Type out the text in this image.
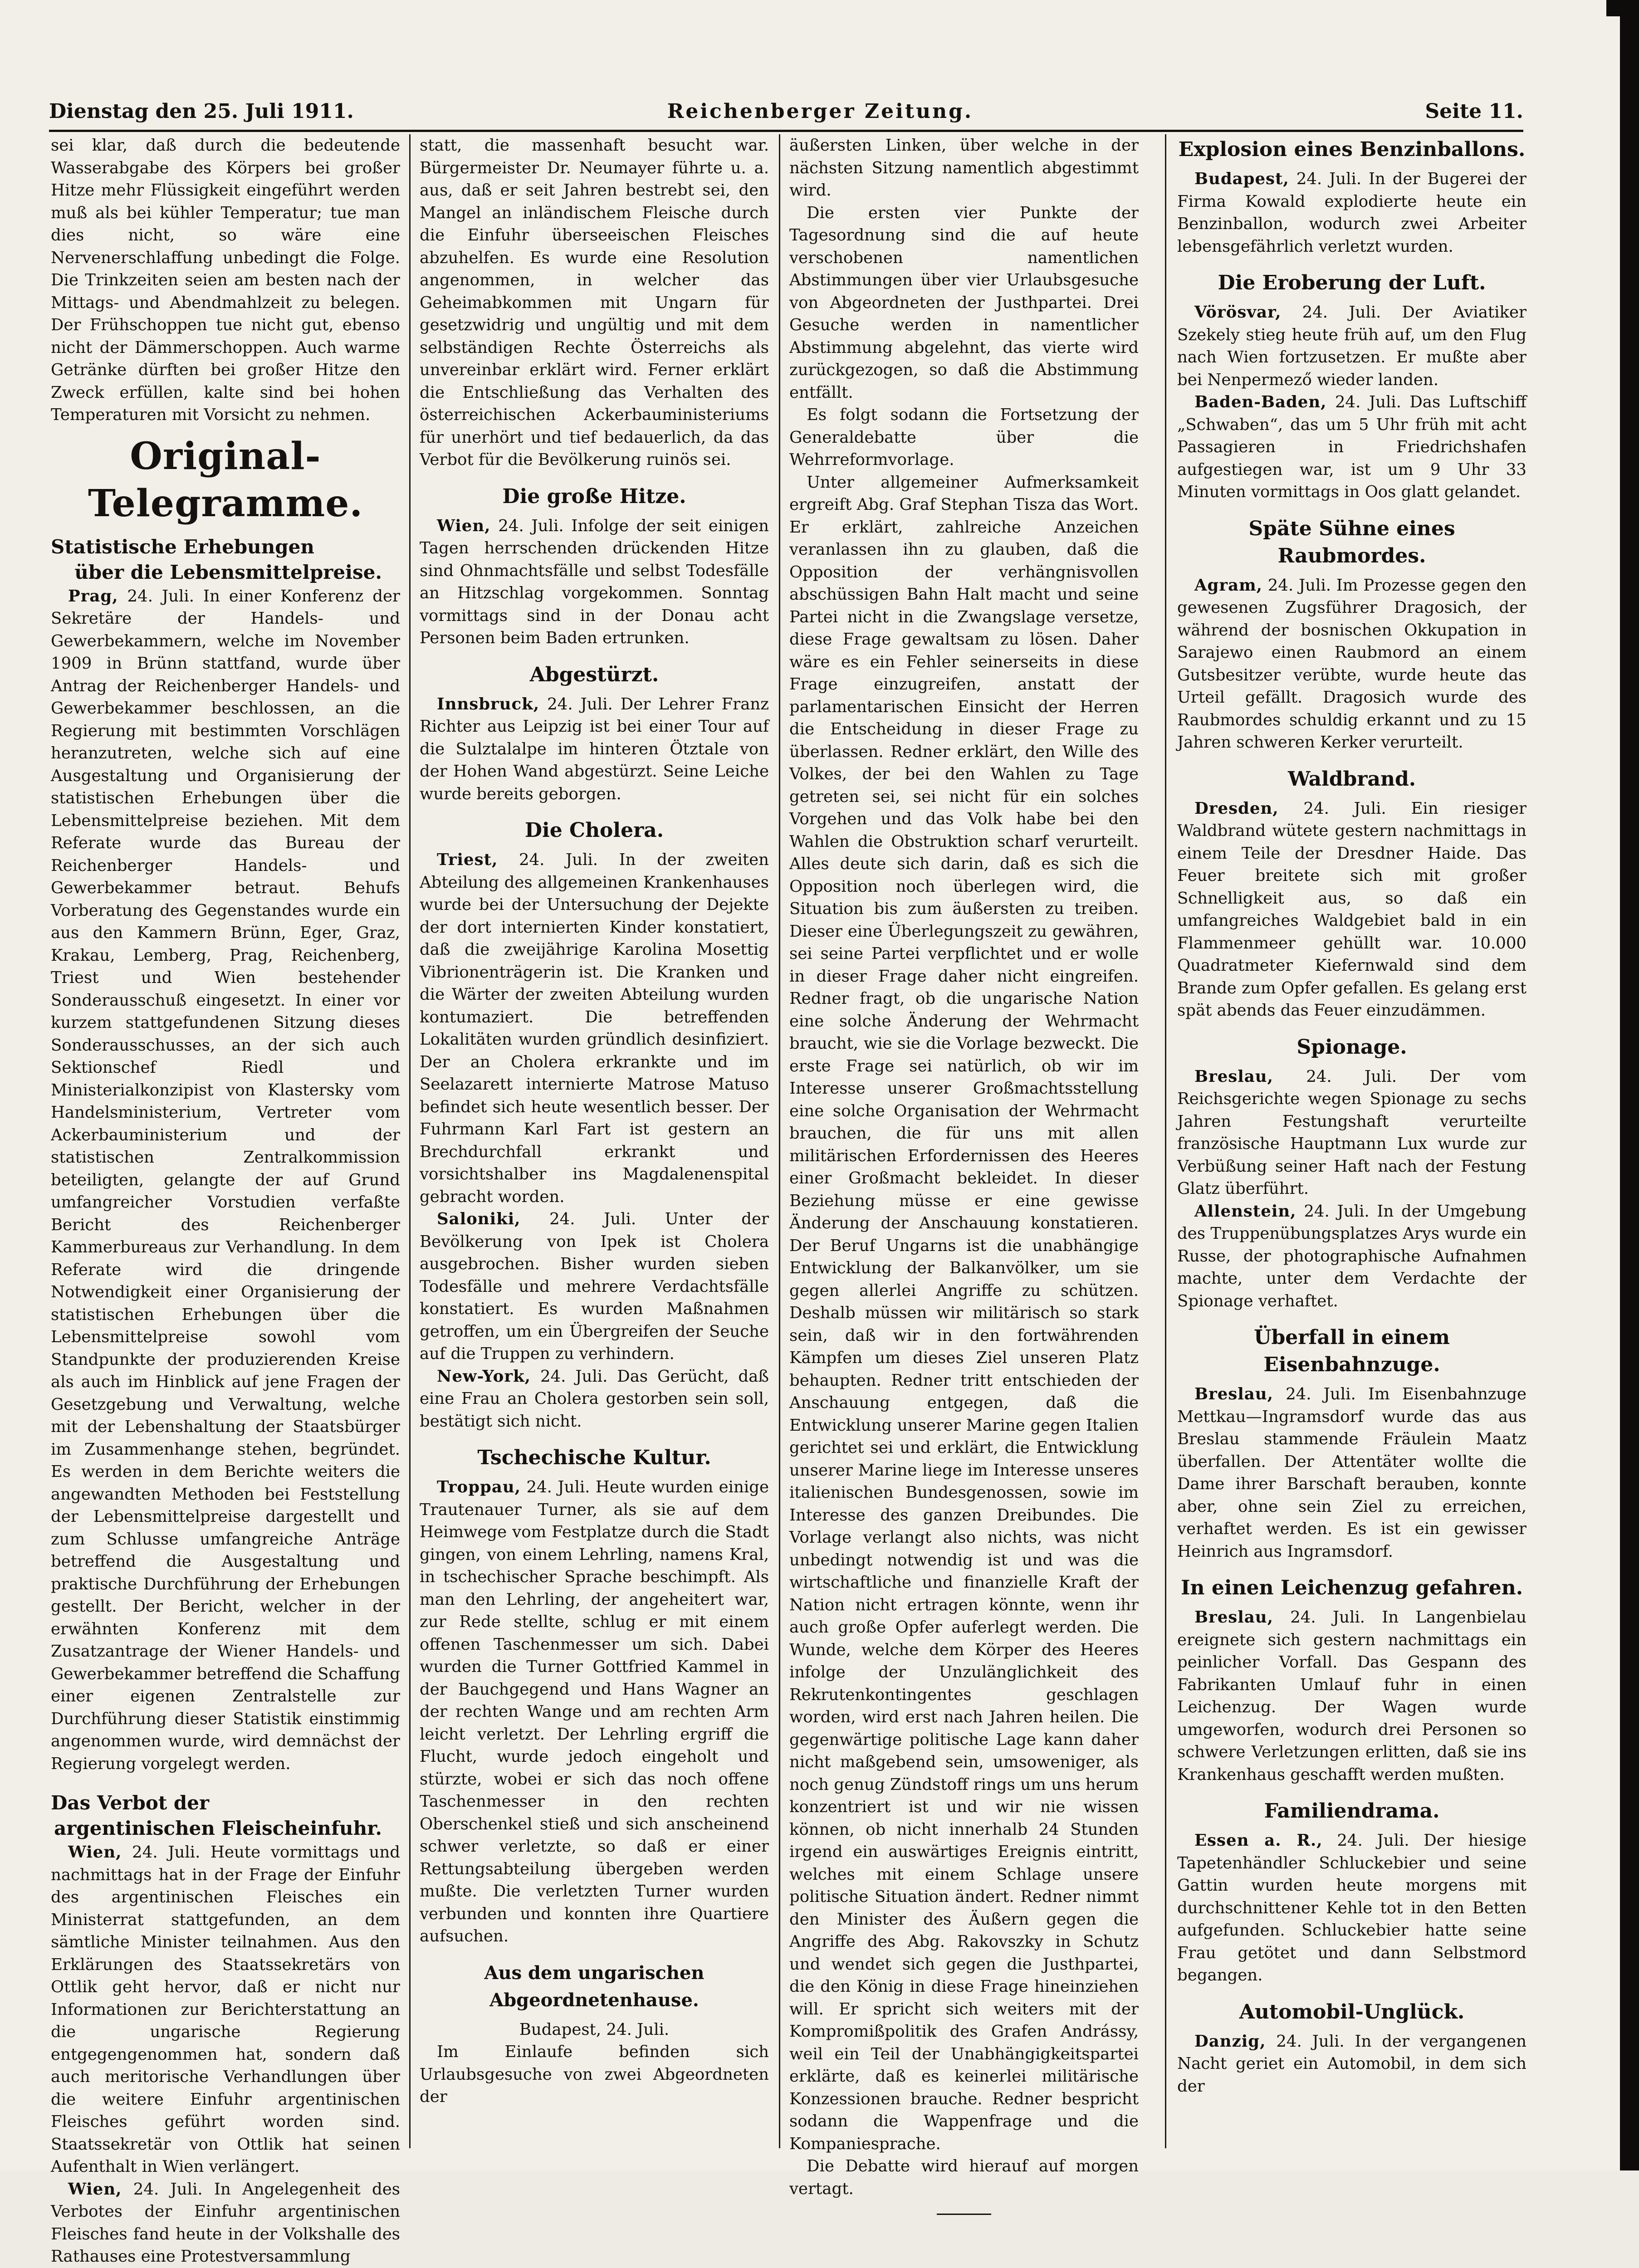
Dienstag den 25. Juli 1911.	Reichenberger Zeitung.	Seite 11.

sei klar, daß durch die bedeutende Wasserabgabe des Körpers bei großer Hitze mehr Flüssigkeit eingeführt werden muß als bei kühler Temperatur; tue man dies nicht, so wäre eine Nervenerschlaffung unbedingt die Folge. Die Trinkzeiten seien am besten nach der Mittags- und Abendmahlzeit zu belegen. Der Frühschoppen tue nicht gut, ebenso nicht der Dämmerschoppen. Auch warme Getränke dürften bei großer Hitze den Zweck erfüllen, kalte sind bei hohen Temperaturen mit Vorsicht zu nehmen.

Original-Telegramme.
Statistische Erhebungen
über die Lebensmittelpreise.

Prag, 24. Juli. In einer Konferenz der Sekretäre der Handels- und Gewerbekammern, welche im November 1909 in Brünn stattfand, wurde über Antrag der Reichenberger Handels- und Gewerbekammer beschlossen, an die Regierung mit bestimmten Vorschlägen heranzutreten, welche sich auf eine Ausgestaltung und Organisierung der statistischen Erhebungen über die Lebensmittelpreise beziehen. Mit dem Referate wurde das Bureau der Reichenberger Handels- und Gewerbekammer betraut. Behufs Vorberatung des Gegenstandes wurde ein aus den Kammern Brünn, Eger, Graz, Krakau, Lemberg, Prag, Reichenberg, Triest und Wien bestehender Sonderausschuß eingesetzt. In einer vor kurzem stattgefundenen Sitzung dieses Sonderausschusses, an der sich auch Sektionschef Riedl und Ministerialkonzipist von Klastersky vom Handelsministerium, Vertreter vom Ackerbauministerium und der statistischen Zentralkommission beteiligten, gelangte der auf Grund umfangreicher Vorstudien verfaßte Bericht des Reichenberger Kammerbureaus zur Verhandlung. In dem Referate wird die dringende Notwendigkeit einer Organisierung der statistischen Erhebungen über die Lebensmittelpreise sowohl vom Standpunkte der produzierenden Kreise als auch im Hinblick auf jene Fragen der Gesetzgebung und Verwaltung, welche mit der Lebenshaltung der Staatsbürger im Zusammenhange stehen, begründet. Es werden in dem Berichte weiters die angewandten Methoden bei Feststellung der Lebensmittelpreise dargestellt und zum Schlusse umfangreiche Anträge betreffend die Ausgestaltung und praktische Durchführung der Erhebungen gestellt. Der Bericht, welcher in der erwähnten Konferenz mit dem Zusatzantrage der Wiener Handels- und Gewerbekammer betreffend die Schaffung einer eigenen Zentralstelle zur Durchführung dieser Statistik einstimmig angenommen wurde, wird demnächst der Regierung vorgelegt werden.

Das Verbot der
argentinischen Fleischeinfuhr.

Wien, 24. Juli. Heute vormittags und nachmittags hat in der Frage der Einfuhr des argentinischen Fleisches ein Ministerrat stattgefunden, an dem sämtliche Minister teilnahmen. Aus den Erklärungen des Staatssekretärs von Ottlik geht hervor, daß er nicht nur Informationen zur Berichterstattung an die ungarische Regierung entgegengenommen hat, sondern daß auch meritorische Verhandlungen über die weitere Einfuhr argentinischen Fleisches geführt worden sind. Staatssekretär von Ottlik hat seinen Aufenthalt in Wien verlängert.

Wien, 24. Juli. In Angelegenheit des Verbotes der Einfuhr argentinischen Fleisches fand heute in der Volkshalle des Rathauses eine Protestversammlung

statt, die massenhaft besucht war. Bürgermeister Dr. Neumayer führte u. a. aus, daß er seit Jahren bestrebt sei, den Mangel an inländischem Fleische durch die Einfuhr überseeischen Fleisches abzuhelfen. Es wurde eine Resolution angenommen, in welcher das Geheimabkommen mit Ungarn für gesetzwidrig und ungültig und mit dem selbständigen Rechte Österreichs als unvereinbar erklärt wird. Ferner erklärt die Entschließung das Verhalten des österreichischen Ackerbauministeriums für unerhört und tief bedauerlich, da das Verbot für die Bevölkerung ruinös sei.

Die große Hitze.

Wien, 24. Juli. Infolge der seit einigen Tagen herrschenden drückenden Hitze sind Ohnmachtsfälle und selbst Todesfälle an Hitzschlag vorgekommen. Sonntag vormittags sind in der Donau acht Personen beim Baden ertrunken.

Abgestürzt.

Innsbruck, 24. Juli. Der Lehrer Franz Richter aus Leipzig ist bei einer Tour auf die Sulztalalpe im hinteren Ötztale von der Hohen Wand abgestürzt. Seine Leiche wurde bereits geborgen.

Die Cholera.

Triest, 24. Juli. In der zweiten Abteilung des allgemeinen Krankenhauses wurde bei der Untersuchung der Dejekte der dort internierten Kinder konstatiert, daß die zweijährige Karolina Mosettig Vibrionenträgerin ist. Die Kranken und die Wärter der zweiten Abteilung wurden kontumaziert. Die betreffenden Lokalitäten wurden gründlich desinfiziert. Der an Cholera erkrankte und im Seelazarett internierte Matrose Matuso befindet sich heute wesentlich besser. Der Fuhrmann Karl Fart ist gestern an Brechdurchfall erkrankt und vorsichtshalber ins Magdalenenspital gebracht worden.

Saloniki, 24. Juli. Unter der Bevölkerung von Ipek ist Cholera ausgebrochen. Bisher wurden sieben Todesfälle und mehrere Verdachtsfälle konstatiert. Es wurden Maßnahmen getroffen, um ein Übergreifen der Seuche auf die Truppen zu verhindern.

New-York, 24. Juli. Das Gerücht, daß eine Frau an Cholera gestorben sein soll, bestätigt sich nicht.

Tschechische Kultur.

Troppau, 24. Juli. Heute wurden einige Trautenauer Turner, als sie auf dem Heimwege vom Festplatze durch die Stadt gingen, von einem Lehrling, namens Kral, in tschechischer Sprache beschimpft. Als man den Lehrling, der angeheitert war, zur Rede stellte, schlug er mit einem offenen Taschenmesser um sich. Dabei wurden die Turner Gottfried Kammel in der Bauchgegend und Hans Wagner an der rechten Wange und am rechten Arm leicht verletzt. Der Lehrling ergriff die Flucht, wurde jedoch eingeholt und stürzte, wobei er sich das noch offene Taschenmesser in den rechten Oberschenkel stieß und sich anscheinend schwer verletzte, so daß er einer Rettungsabteilung übergeben werden mußte. Die verletzten Turner wurden verbunden und konnten ihre Quartiere aufsuchen.

Aus dem ungarischen Abgeordnetenhause.
Budapest, 24. Juli.

Im Einlaufe befinden sich Urlaubsgesuche von zwei Abgeordneten der

äußersten Linken, über welche in der nächsten Sitzung namentlich abgestimmt wird.

Die ersten vier Punkte der Tagesordnung sind die auf heute verschobenen namentlichen Abstimmungen über vier Urlaubsgesuche von Abgeordneten der Justhpartei. Drei Gesuche werden in namentlicher Abstimmung abgelehnt, das vierte wird zurückgezogen, so daß die Abstimmung entfällt.

Es folgt sodann die Fortsetzung der Generaldebatte über die Wehrreformvorlage.

Unter allgemeiner Aufmerksamkeit ergreift Abg. Graf Stephan Tisza das Wort. Er erklärt, zahlreiche Anzeichen veranlassen ihn zu glauben, daß die Opposition der verhängnisvollen abschüssigen Bahn Halt macht und seine Partei nicht in die Zwangslage versetze, diese Frage gewaltsam zu lösen. Daher wäre es ein Fehler seinerseits in diese Frage einzugreifen, anstatt der parlamentarischen Einsicht der Herren die Entscheidung in dieser Frage zu überlassen. Redner erklärt, den Wille des Volkes, der bei den Wahlen zu Tage getreten sei, sei nicht für ein solches Vorgehen und das Volk habe bei den Wahlen die Obstruktion scharf verurteilt. Alles deute sich darin, daß es sich die Opposition noch überlegen wird, die Situation bis zum äußersten zu treiben. Dieser eine Überlegungszeit zu gewähren, sei seine Partei verpflichtet und er wolle in dieser Frage daher nicht eingreifen. Redner fragt, ob die ungarische Nation eine solche Änderung der Wehrmacht braucht, wie sie die Vorlage bezweckt. Die erste Frage sei natürlich, ob wir im Interesse unserer Großmachtsstellung eine solche Organisation der Wehrmacht brauchen, die für uns mit allen militärischen Erfordernissen des Heeres einer Großmacht bekleidet. In dieser Beziehung müsse er eine gewisse Änderung der Anschauung konstatieren. Der Beruf Ungarns ist die unabhängige Entwicklung der Balkanvölker, um sie gegen allerlei Angriffe zu schützen. Deshalb müssen wir militärisch so stark sein, daß wir in den fortwährenden Kämpfen um dieses Ziel unseren Platz behaupten. Redner tritt entschieden der Anschauung entgegen, daß die Entwicklung unserer Marine gegen Italien gerichtet sei und erklärt, die Entwicklung unserer Marine liege im Interesse unseres italienischen Bundesgenossen, sowie im Interesse des ganzen Dreibundes. Die Vorlage verlangt also nichts, was nicht unbedingt notwendig ist und was die wirtschaftliche und finanzielle Kraft der Nation nicht ertragen könnte, wenn ihr auch große Opfer auferlegt werden. Die Wunde, welche dem Körper des Heeres infolge der Unzulänglichkeit des Rekrutenkontingentes geschlagen worden, wird erst nach Jahren heilen. Die gegenwärtige politische Lage kann daher nicht maßgebend sein, umsoweniger, als noch genug Zündstoff rings um uns herum konzentriert ist und wir nie wissen können, ob nicht innerhalb 24 Stunden irgend ein auswärtiges Ereignis eintritt, welches mit einem Schlage unsere politische Situation ändert. Redner nimmt den Minister des Äußern gegen die Angriffe des Abg. Rakovszky in Schutz und wendet sich gegen die Justhpartei, die den König in diese Frage hineinziehen will. Er spricht sich weiters mit der Kompromißpolitik des Grafen Andrássy, weil ein Teil der Unabhängigkeitspartei erklärte, daß es keinerlei militärische Konzessionen brauche. Redner bespricht sodann die Wappenfrage und die Kompaniesprache.

Die Debatte wird hierauf auf morgen vertagt.

Explosion eines Benzinballons.

Budapest, 24. Juli. In der Bugerei der Firma Kowald explodierte heute ein Benzinballon, wodurch zwei Arbeiter lebensgefährlich verletzt wurden.

Die Eroberung der Luft.

Vörösvar, 24. Juli. Der Aviatiker Szekely stieg heute früh auf, um den Flug nach Wien fortzusetzen. Er mußte aber bei Nenpermező wieder landen.

Baden-Baden, 24. Juli. Das Luftschiff „Schwaben“, das um 5 Uhr früh mit acht Passagieren in Friedrichshafen aufgestiegen war, ist um 9 Uhr 33 Minuten vormittags in Oos glatt gelandet.

Späte Sühne eines Raubmordes.

Agram, 24. Juli. Im Prozesse gegen den gewesenen Zugsführer Dragosich, der während der bosnischen Okkupation in Sarajewo einen Raubmord an einem Gutsbesitzer verübte, wurde heute das Urteil gefällt. Dragosich wurde des Raubmordes schuldig erkannt und zu 15 Jahren schweren Kerker verurteilt.

Waldbrand.

Dresden, 24. Juli. Ein riesiger Waldbrand wütete gestern nachmittags in einem Teile der Dresdner Haide. Das Feuer breitete sich mit großer Schnelligkeit aus, so daß ein umfangreiches Waldgebiet bald in ein Flammenmeer gehüllt war. 10.000 Quadratmeter Kiefernwald sind dem Brande zum Opfer gefallen. Es gelang erst spät abends das Feuer einzudämmen.

Spionage.

Breslau, 24. Juli. Der vom Reichsgerichte wegen Spionage zu sechs Jahren Festungshaft verurteilte französische Hauptmann Lux wurde zur Verbüßung seiner Haft nach der Festung Glatz überführt.

Allenstein, 24. Juli. In der Umgebung des Truppenübungsplatzes Arys wurde ein Russe, der photographische Aufnahmen machte, unter dem Verdachte der Spionage verhaftet.

Überfall in einem Eisenbahnzuge.

Breslau, 24. Juli. Im Eisenbahnzuge Mettkau—Ingramsdorf wurde das aus Breslau stammende Fräulein Maatz überfallen. Der Attentäter wollte die Dame ihrer Barschaft berauben, konnte aber, ohne sein Ziel zu erreichen, verhaftet werden. Es ist ein gewisser Heinrich aus Ingramsdorf.

In einen Leichenzug gefahren.

Breslau, 24. Juli. In Langenbielau ereignete sich gestern nachmittags ein peinlicher Vorfall. Das Gespann des Fabrikanten Umlauf fuhr in einen Leichenzug. Der Wagen wurde umgeworfen, wodurch drei Personen so schwere Verletzungen erlitten, daß sie ins Krankenhaus geschafft werden mußten.

Familiendrama.

Essen a. R., 24. Juli. Der hiesige Tapetenhändler Schluckebier und seine Gattin wurden heute morgens mit durchschnittener Kehle tot in den Betten aufgefunden. Schluckebier hatte seine Frau getötet und dann Selbstmord begangen.

Automobil-Unglück.

Danzig, 24. Juli. In der vergangenen Nacht geriet ein Automobil, in dem sich der
